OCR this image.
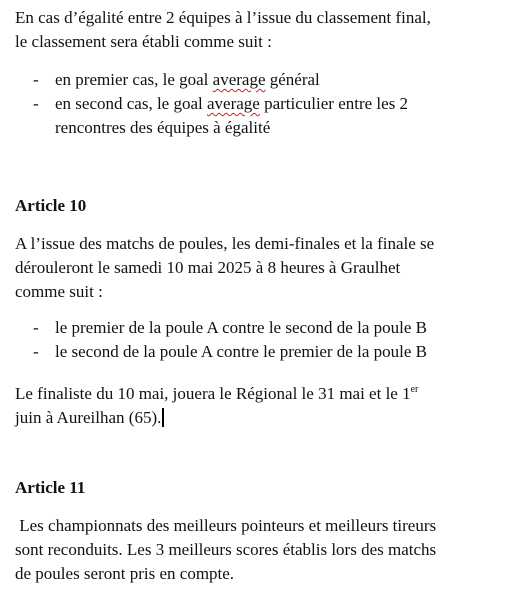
En cas d’égalité entre 2 équipes à l’issue du classement final,

le classement sera établi comme suit :

- en premier cas, le goal average général
- en second cas, le goal average particulier entre les 2
rencontres des équipes à égalité

Article 10

A l’issue des matchs de poules, les demi-finales et la finale se

dérouleront le samedi 10 mai 2025 à 8 heures à Graulhet

comme suit :

- le premier de la poule A contre le second de la poule B
- le second de la poule A contre le premier de la poule B

Le finaliste du 10 mai, jouera le Régional le 31 mai et le 1er

juin à Aureilhan (65).

Article 11

Les championnats des meilleurs pointeurs et meilleurs tireurs

sont reconduits. Les 3 meilleurs scores établis lors des matchs

de poules seront pris en compte.
